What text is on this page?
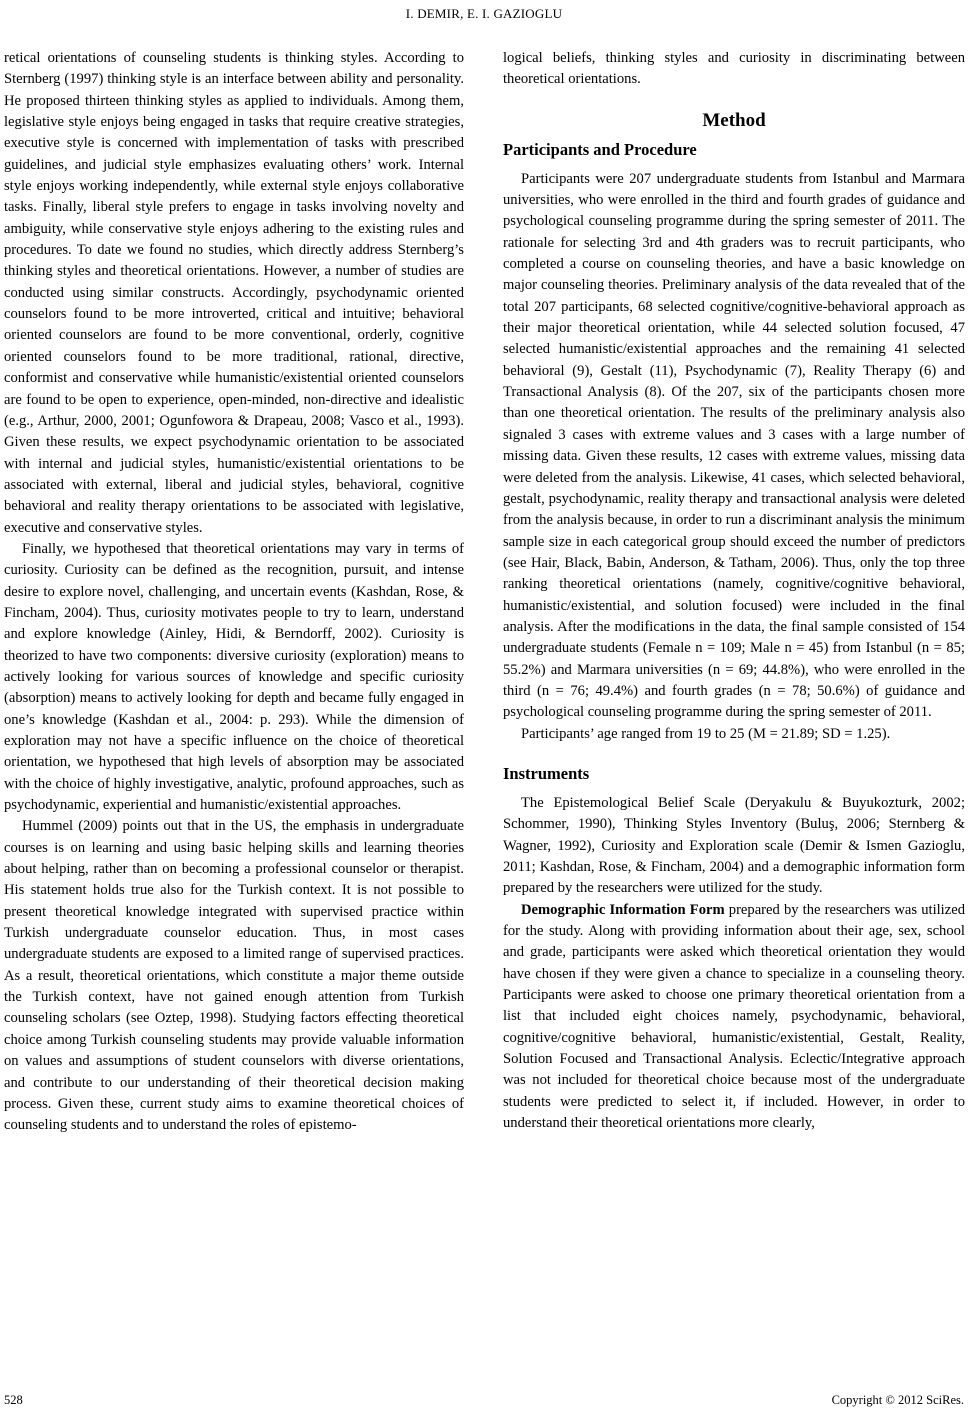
I. DEMIR, E. I. GAZIOGLU

retical orientations of counseling students is thinking styles. According to Sternberg (1997) thinking style is an interface between ability and personality. He proposed thirteen thinking styles as applied to individuals. Among them, legislative style enjoys being engaged in tasks that require creative strategies, executive style is concerned with implementation of tasks with prescribed guidelines, and judicial style emphasizes evaluating others’ work. Internal style enjoys working independently, while external style enjoys collaborative tasks. Finally, liberal style prefers to engage in tasks involving novelty and ambiguity, while conservative style enjoys adhering to the existing rules and procedures. To date we found no studies, which directly address Sternberg’s thinking styles and theoretical orientations. However, a number of studies are conducted using similar constructs. Accordingly, psychodynamic oriented counselors found to be more introverted, critical and intuitive; behavioral oriented counselors are found to be more conventional, orderly, cognitive oriented counselors found to be more traditional, rational, directive, conformist and conservative while humanistic/existential oriented counselors are found to be open to experience, open-minded, non-directive and idealistic (e.g., Arthur, 2000, 2001; Ogunfowora & Drapeau, 2008; Vasco et al., 1993). Given these results, we expect psychodynamic orientation to be associated with internal and judicial styles, humanistic/existential orientations to be associated with external, liberal and judicial styles, behavioral, cognitive behavioral and reality therapy orientations to be associated with legislative, executive and conservative styles.

Finally, we hypothesed that theoretical orientations may vary in terms of curiosity. Curiosity can be defined as the recognition, pursuit, and intense desire to explore novel, challenging, and uncertain events (Kashdan, Rose, & Fincham, 2004). Thus, curiosity motivates people to try to learn, understand and explore knowledge (Ainley, Hidi, & Berndorff, 2002). Curiosity is theorized to have two components: diversive curiosity (exploration) means to actively looking for various sources of knowledge and specific curiosity (absorption) means to actively looking for depth and became fully engaged in one’s knowledge (Kashdan et al., 2004: p. 293). While the dimension of exploration may not have a specific influence on the choice of theoretical orientation, we hypothesed that high levels of absorption may be associated with the choice of highly investigative, analytic, profound approaches, such as psychodynamic, experiential and humanistic/existential approaches.

Hummel (2009) points out that in the US, the emphasis in undergraduate courses is on learning and using basic helping skills and learning theories about helping, rather than on becoming a professional counselor or therapist. His statement holds true also for the Turkish context. It is not possible to present theoretical knowledge integrated with supervised practice within Turkish undergraduate counselor education. Thus, in most cases undergraduate students are exposed to a limited range of supervised practices. As a result, theoretical orientations, which constitute a major theme outside the Turkish context, have not gained enough attention from Turkish counseling scholars (see Oztep, 1998). Studying factors effecting theoretical choice among Turkish counseling students may provide valuable information on values and assumptions of student counselors with diverse orientations, and contribute to our understanding of their theoretical decision making process. Given these, current study aims to examine theoretical choices of counseling students and to understand the roles of epistemo-

logical beliefs, thinking styles and curiosity in discriminating between theoretical orientations.

Method
Participants and Procedure

Participants were 207 undergraduate students from Istanbul and Marmara universities, who were enrolled in the third and fourth grades of guidance and psychological counseling programme during the spring semester of 2011. The rationale for selecting 3rd and 4th graders was to recruit participants, who completed a course on counseling theories, and have a basic knowledge on major counseling theories. Preliminary analysis of the data revealed that of the total 207 participants, 68 selected cognitive/cognitive-behavioral approach as their major theoretical orientation, while 44 selected solution focused, 47 selected humanistic/existential approaches and the remaining 41 selected behavioral (9), Gestalt (11), Psychodynamic (7), Reality Therapy (6) and Transactional Analysis (8). Of the 207, six of the participants chosen more than one theoretical orientation. The results of the preliminary analysis also signaled 3 cases with extreme values and 3 cases with a large number of missing data. Given these results, 12 cases with extreme values, missing data were deleted from the analysis. Likewise, 41 cases, which selected behavioral, gestalt, psychodynamic, reality therapy and transactional analysis were deleted from the analysis because, in order to run a discriminant analysis the minimum sample size in each categorical group should exceed the number of predictors (see Hair, Black, Babin, Anderson, & Tatham, 2006). Thus, only the top three ranking theoretical orientations (namely, cognitive/cognitive behavioral, humanistic/existential, and solution focused) were included in the final analysis. After the modifications in the data, the final sample consisted of 154 undergraduate students (Female n = 109; Male n = 45) from Istanbul (n = 85; 55.2%) and Marmara universities (n = 69; 44.8%), who were enrolled in the third (n = 76; 49.4%) and fourth grades (n = 78; 50.6%) of guidance and psychological counseling programme during the spring semester of 2011.

Participants’ age ranged from 19 to 25 (M = 21.89; SD = 1.25).

Instruments

The Epistemological Belief Scale (Deryakulu & Buyukozturk, 2002; Schommer, 1990), Thinking Styles Inventory (Buluş, 2006; Sternberg & Wagner, 1992), Curiosity and Exploration scale (Demir & Ismen Gazioglu, 2011; Kashdan, Rose, & Fincham, 2004) and a demographic information form prepared by the researchers were utilized for the study.

Demographic Information Form prepared by the researchers was utilized for the study. Along with providing information about their age, sex, school and grade, participants were asked which theoretical orientation they would have chosen if they were given a chance to specialize in a counseling theory. Participants were asked to choose one primary theoretical orientation from a list that included eight choices namely, psychodynamic, behavioral, cognitive/cognitive behavioral, humanistic/existential, Gestalt, Reality, Solution Focused and Transactional Analysis. Eclectic/Integrative approach was not included for theoretical choice because most of the undergraduate students were predicted to select it, if included. However, in order to understand their theoretical orientations more clearly,

528	Copyright © 2012 SciRes.
